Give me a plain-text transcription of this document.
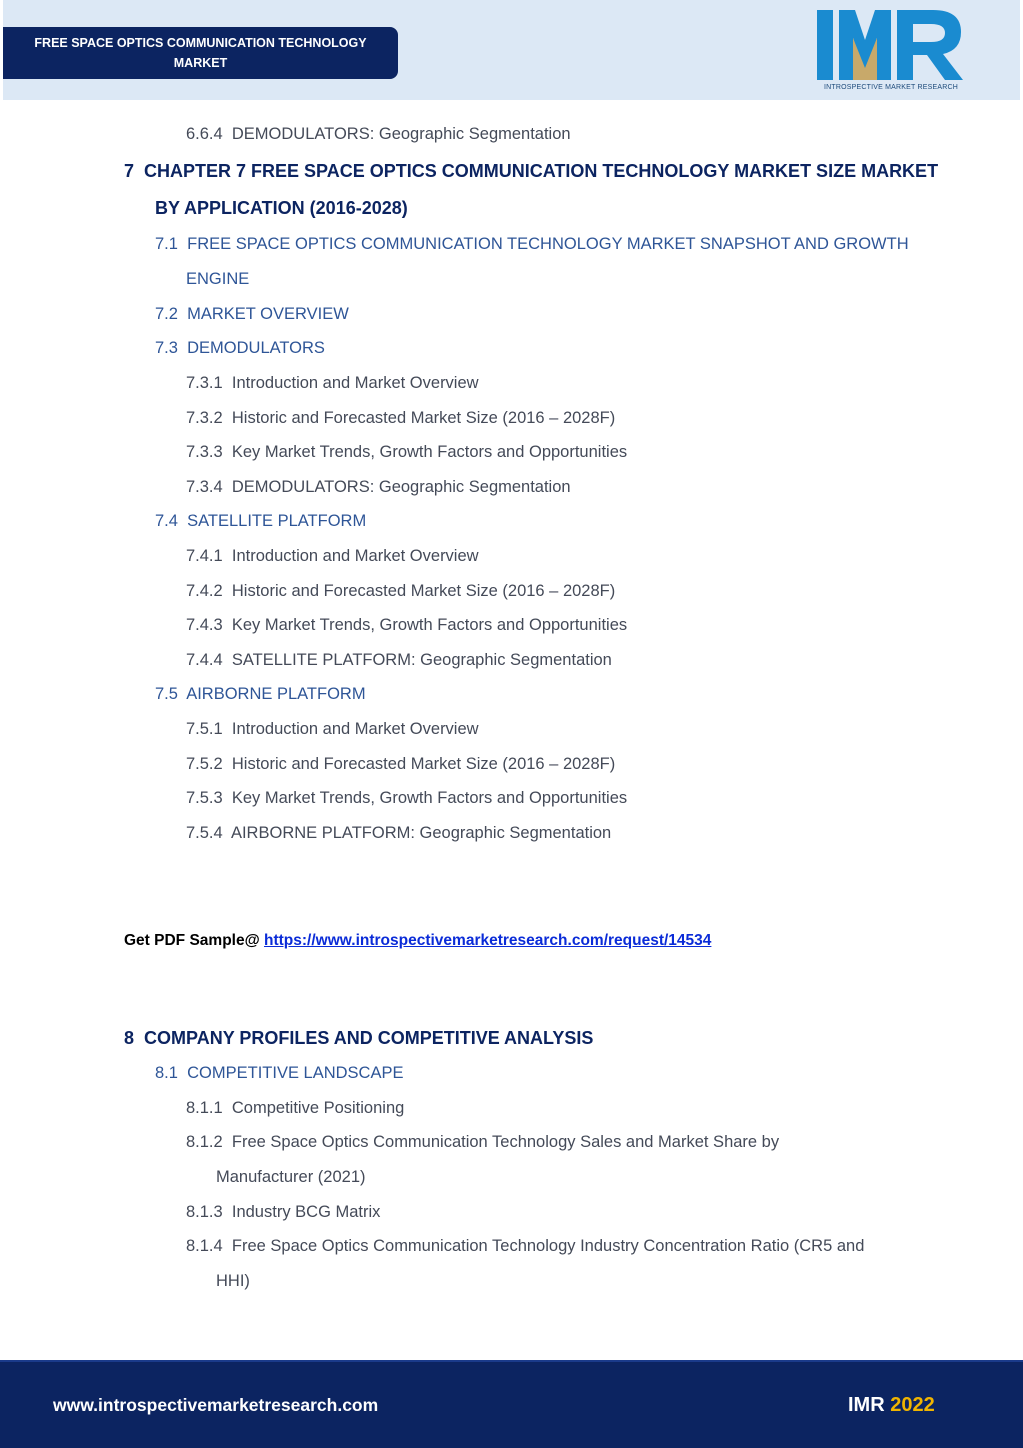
FREE SPACE OPTICS COMMUNICATION TECHNOLOGY MARKET
INTROSPECTIVE MARKET RESEARCH
6.6.4 DEMODULATORS: Geographic Segmentation
7 CHAPTER 7 FREE SPACE OPTICS COMMUNICATION TECHNOLOGY MARKET SIZE MARKET
BY APPLICATION (2016-2028)
7.1 FREE SPACE OPTICS COMMUNICATION TECHNOLOGY MARKET SNAPSHOT AND GROWTH
ENGINE
7.2 MARKET OVERVIEW
7.3 DEMODULATORS
7.3.1 Introduction and Market Overview
7.3.2 Historic and Forecasted Market Size (2016 – 2028F)
7.3.3 Key Market Trends, Growth Factors and Opportunities
7.3.4 DEMODULATORS: Geographic Segmentation
7.4 SATELLITE PLATFORM
7.4.1 Introduction and Market Overview
7.4.2 Historic and Forecasted Market Size (2016 – 2028F)
7.4.3 Key Market Trends, Growth Factors and Opportunities
7.4.4 SATELLITE PLATFORM: Geographic Segmentation
7.5 AIRBORNE PLATFORM
7.5.1 Introduction and Market Overview
7.5.2 Historic and Forecasted Market Size (2016 – 2028F)
7.5.3 Key Market Trends, Growth Factors and Opportunities
7.5.4 AIRBORNE PLATFORM: Geographic Segmentation
8 COMPANY PROFILES AND COMPETITIVE ANALYSIS
8.1 COMPETITIVE LANDSCAPE
8.1.1 Competitive Positioning
8.1.2 Free Space Optics Communication Technology Sales and Market Share by
Manufacturer (2021)
8.1.3 Industry BCG Matrix
8.1.4 Free Space Optics Communication Technology Industry Concentration Ratio (CR5 and
HHI)
Get PDF Sample@ https://www.introspectivemarketresearch.com/request/14534
www.introspectivemarketresearch.com	IMR 2022
